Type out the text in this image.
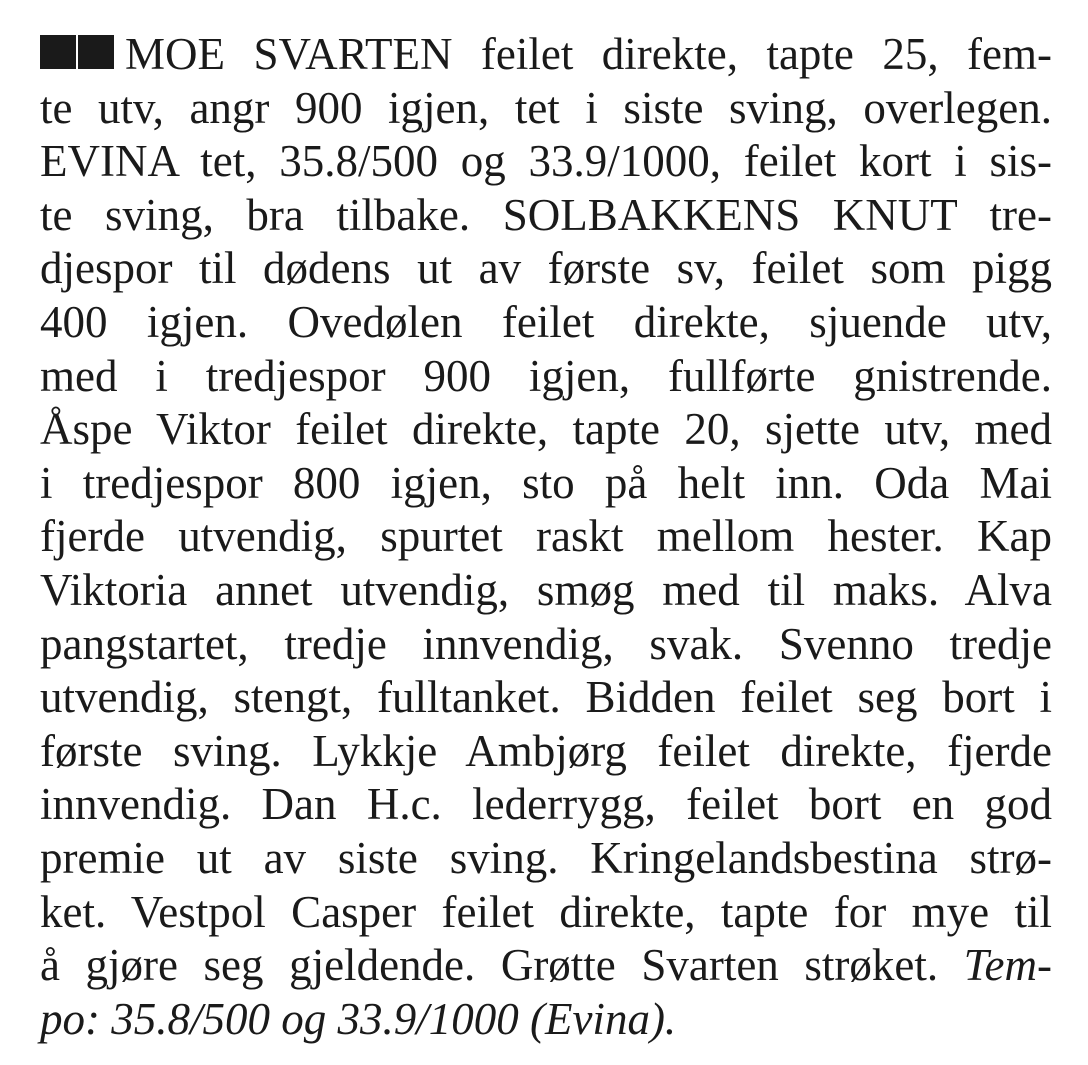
MOE SVARTEN feilet direkte, tapte 25, fem-
te utv, angr 900 igjen, tet i siste sving, overlegen.
EVINA tet, 35.8/500 og 33.9/1000, feilet kort i sis-
te sving, bra tilbake. SOLBAKKENS KNUT tre-
djespor til dødens ut av første sv, feilet som pigg
400 igjen. Ovedølen feilet direkte, sjuende utv,
med i tredjespor 900 igjen, fullførte gnistrende.
Åspe Viktor feilet direkte, tapte 20, sjette utv, med
i tredjespor 800 igjen, sto på helt inn. Oda Mai
fjerde utvendig, spurtet raskt mellom hester. Kap
Viktoria annet utvendig, smøg med til maks. Alva
pangstartet, tredje innvendig, svak. Svenno tredje
utvendig, stengt, fulltanket. Bidden feilet seg bort i
første sving. Lykkje Ambjørg feilet direkte, fjerde
innvendig. Dan H.c. lederrygg, feilet bort en god
premie ut av siste sving. Kringelandsbestina strø-
ket. Vestpol Casper feilet direkte, tapte for mye til
å gjøre seg gjeldende. Grøtte Svarten strøket. Tem-
po: 35.8/500 og 33.9/1000 (Evina).
